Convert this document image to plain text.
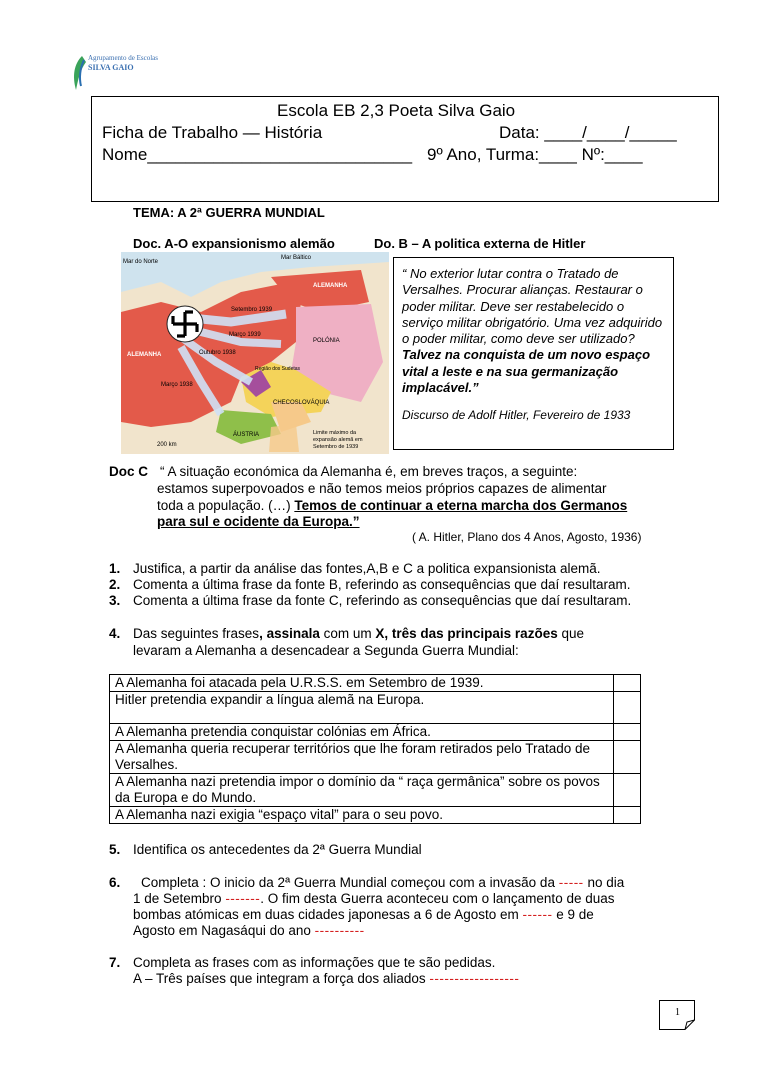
Agrupamento de Escolas
SILVA GAIO
Escola EB 2,3 Poeta Silva Gaio
Ficha de Trabalho — História	Data: ____/____/_____
Nome____________________________ 9º Ano, Turma:____ Nº:____
TEMA: A 2ª GUERRA MUNDIAL
Doc. A-O expansionismo alemão	Do. B – A politica externa de Hitler
Mar do Norte
Mar Báltico
ALEMANHA
ALEMANHA
POLÓNIA
CHECOSLOVÁQUIA
ÁUSTRIA
Setembro 1939
Março 1939
Outubro 1938
Março 1938
Região dos Sudetas
200 km
Limite máximo da
expansão alemã em
Setembro de 1939
“ No exterior lutar contra o Tratado de Versalhes. Procurar alianças. Restaurar o poder militar. Deve ser restabelecido o serviço militar obrigatório. Uma vez adquirido o poder militar, como deve ser utilizado? Talvez na conquista de um novo espaço vital a leste e na sua germanização implacável.”
Discurso de Adolf Hitler, Fevereiro de 1933
Doc C “ A situação económica da Alemanha é, em breves traços, a seguinte:
estamos superpovoados e não temos meios próprios capazes de alimentar
toda a população. (…) Temos de continuar a eterna marcha dos Germanos
para sul e ocidente da Europa.”
( A. Hitler, Plano dos 4 Anos, Agosto, 1936)
1. Justifica, a partir da análise das fontes,A,B e C a politica expansionista alemã.
2. Comenta a última frase da fonte B, referindo as consequências que daí resultaram.
3. Comenta a última frase da fonte C, referindo as consequências que daí resultaram.
4. Das seguintes frases, assinala com um X, três das principais razões que
levaram a Alemanha a desencadear a Segunda Guerra Mundial:
A Alemanha foi atacada pela U.R.S.S. em Setembro de 1939.	
Hitler pretendia expandir a língua alemã na Europa.	
A Alemanha pretendia conquistar colónias em África.	
A Alemanha queria recuperar territórios que lhe foram retirados pelo Tratado de Versalhes.	
A Alemanha nazi pretendia impor o domínio da “ raça germânica” sobre os povos da Europa e do Mundo.	
A Alemanha nazi exigia “espaço vital” para o seu povo.	
5. Identifica os antecedentes da 2ª Guerra Mundial
6. Completa : O inicio da 2ª Guerra Mundial começou com a invasão da ----- no dia
1 de Setembro -------. O fim desta Guerra aconteceu com o lançamento de duas
bombas atómicas em duas cidades japonesas a 6 de Agosto em ------ e 9 de
Agosto em Nagasáqui do ano ----------
7. Completa as frases com as informações que te são pedidas.
A – Três países que integram a força dos aliados ------------------
1
